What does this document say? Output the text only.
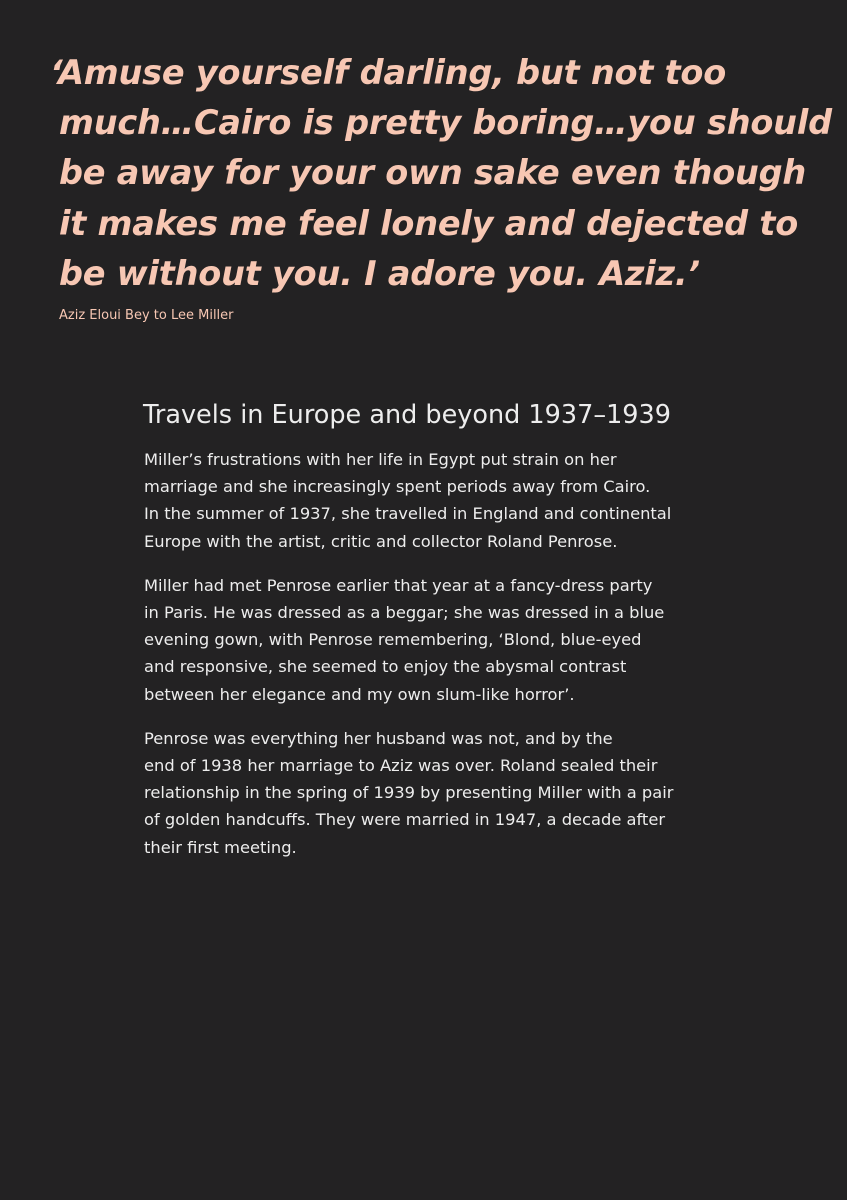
‘Amuse yourself darling, but not too
much…Cairo is pretty boring…you should
be away for your own sake even though
it makes me feel lonely and dejected to
be without you. I adore you. Aziz.’

Aziz Eloui Bey to Lee Miller

Travels in Europe and beyond 1937–1939

Miller’s frustrations with her life in Egypt put strain on her
marriage and she increasingly spent periods away from Cairo.
In the summer of 1937, she travelled in England and continental
Europe with the artist, critic and collector Roland Penrose.

Miller had met Penrose earlier that year at a fancy-dress party
in Paris. He was dressed as a beggar; she was dressed in a blue
evening gown, with Penrose remembering, ‘Blond, blue-eyed
and responsive, she seemed to enjoy the abysmal contrast
between her elegance and my own slum-like horror’.

Penrose was everything her husband was not, and by the
end of 1938 her marriage to Aziz was over. Roland sealed their
relationship in the spring of 1939 by presenting Miller with a pair
of golden handcuffs. They were married in 1947, a decade after
their first meeting.
